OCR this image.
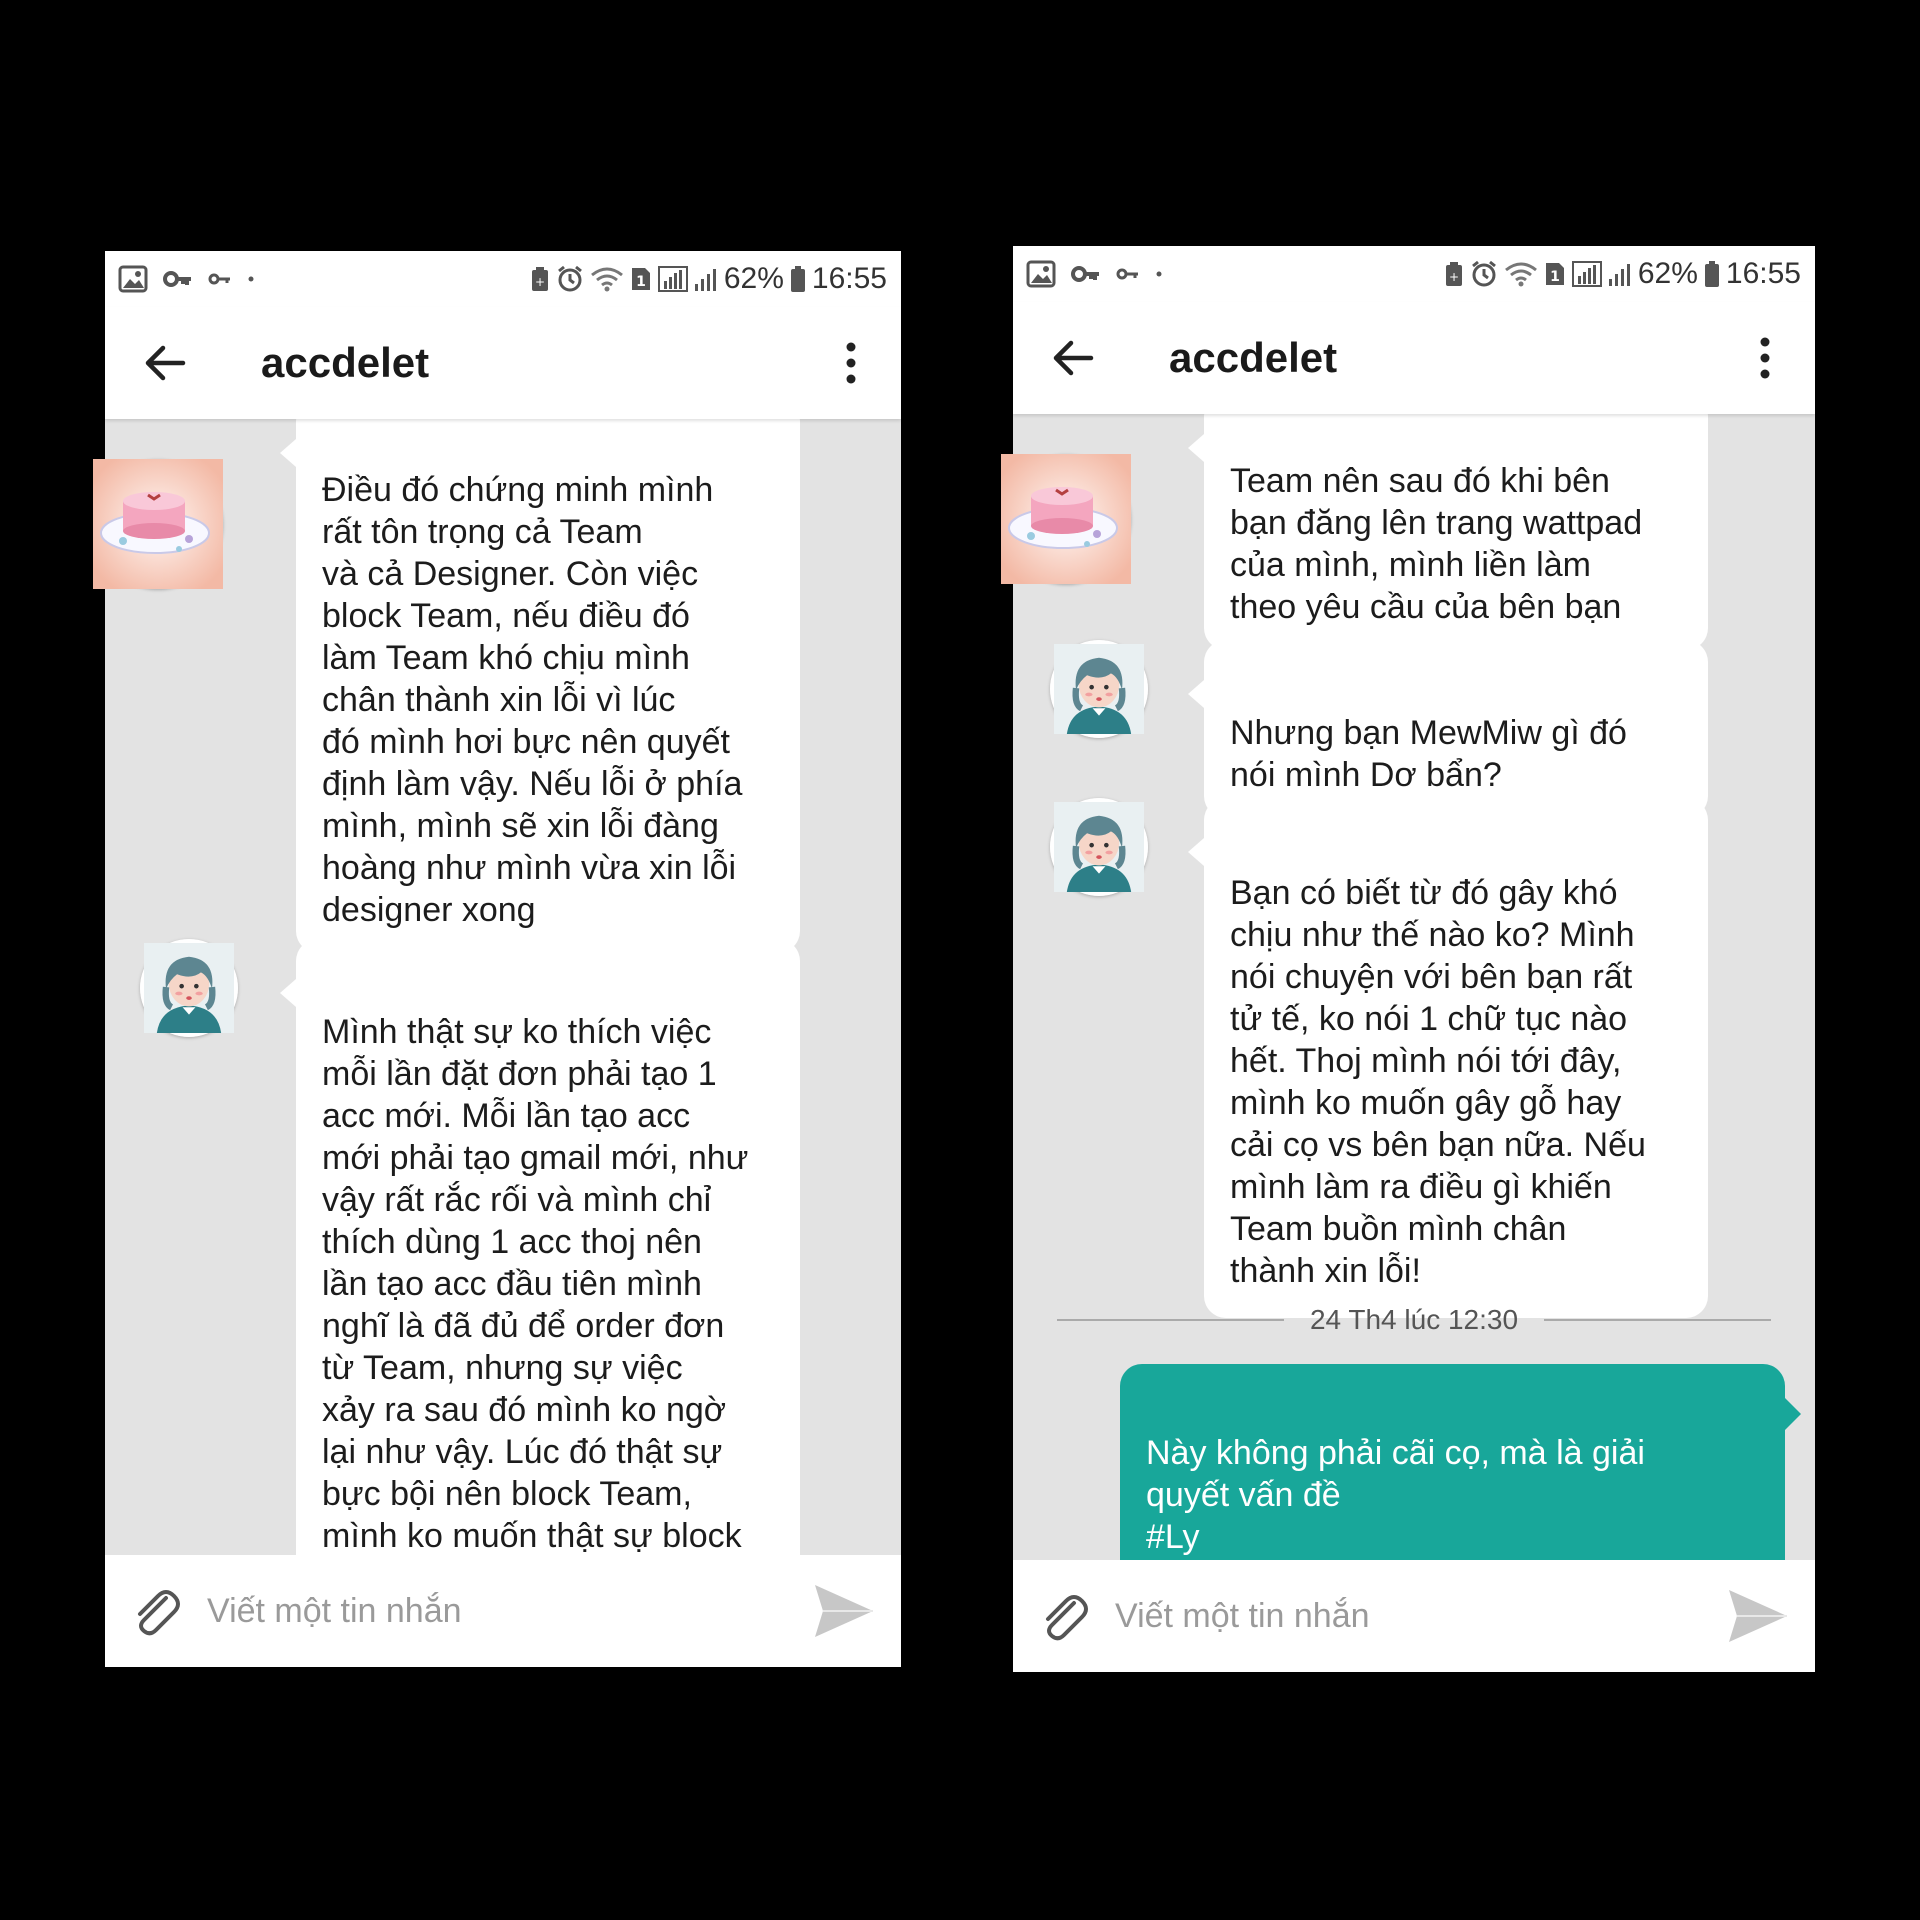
+	1	62% 16:55
accdelet

Điều đó chứng minh mình
rất tôn trọng cả Team
và cả Designer. Còn việc
block Team, nếu điều đó
làm Team khó chịu mình
chân thành xin lỗi vì lúc
đó mình hơi bực nên quyết
định làm vậy. Nếu lỗi ở phía
mình, mình sẽ xin lỗi đàng
hoàng như mình vừa xin lỗi
designer xong

Mình thật sự ko thích việc
mỗi lần đặt đơn phải tạo 1
acc mới. Mỗi lần tạo acc
mới phải tạo gmail mới, như
vậy rất rắc rối và mình chỉ
thích dùng 1 acc thoj nên
lần tạo acc đầu tiên mình
nghĩ là đã đủ để order đơn
từ Team, nhưng sự việc
xảy ra sau đó mình ko ngờ
lại như vậy. Lúc đó thật sự
bực bội nên block Team,
mình ko muốn thật sự block

Viết một tin nhắn
+	1	62% 16:55
accdelet

Team nên sau đó khi bên
bạn đăng lên trang wattpad
của mình, mình liền làm
theo yêu cầu của bên bạn

Nhưng bạn MewMiw gì đó
nói mình Dơ bẩn?

Bạn có biết từ đó gây khó
chịu như thế nào ko? Mình
nói chuyện với bên bạn rất
tử tế, ko nói 1 chữ tục nào
hết. Thoj mình nói tới đây,
mình ko muốn gây gỗ hay
cải cọ vs bên bạn nữa. Nếu
mình làm ra điều gì khiến
Team buồn mình chân
thành xin lỗi!

24 Th4 lúc 12:30

Này không phải cãi cọ, mà là giải
quyết vấn đề
#Ly

Viết một tin nhắn
